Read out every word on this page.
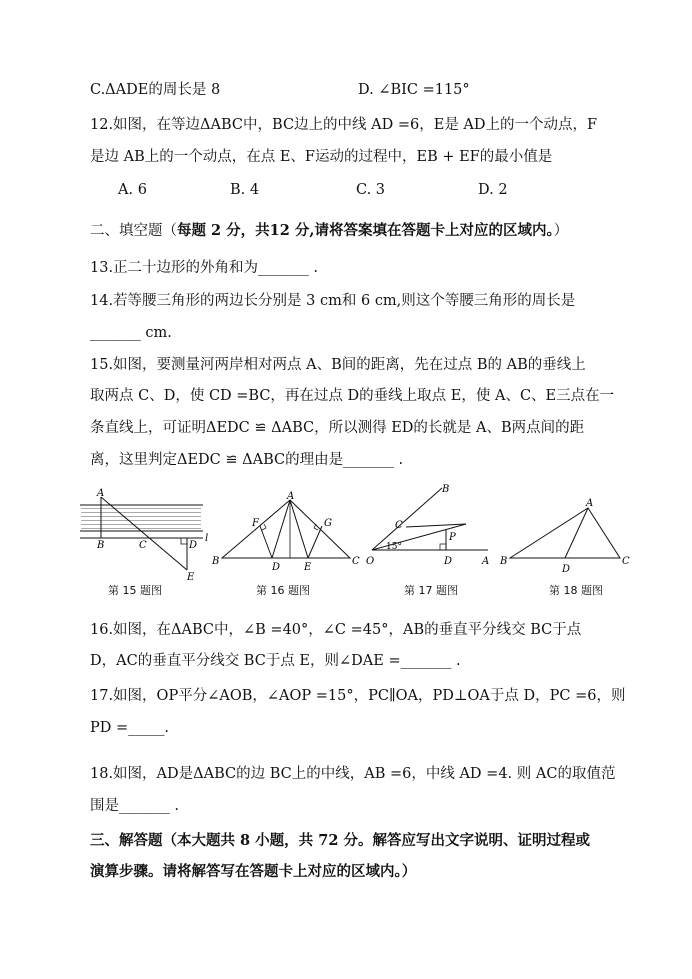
C.ΔADE的周长是 8	D. ∠BIC =115°
12.如图，在等边ΔABC中，BC边上的中线 AD =6，E是 AD上的一个动点，F
是边 AB上的一个动点，在点 E、F运动的过程中，EB + EF的最小值是
A. 6	B. 4	C. 3	D. 2
二、填空题（每题 2 分，共12 分,请将答案填在答题卡上对应的区域内。）
13.正二十边形的外角和为_______ .
14.若等腰三角形的两边长分别是 3 cm和 6 cm,则这个等腰三角形的周长是
_______ cm.
15.如图，要测量河两岸相对两点 A、B间的距离，先在过点 B的 AB的垂线上
取两点 C、D，使 CD =BC，再在过点 D的垂线上取点 E，使 A、C、E三点在一
条直线上，可证明ΔEDC ≌ ΔABC，所以测得 ED的长就是 A、B两点间的距
离，这里判定ΔEDC ≌ ΔABC的理由是_______ .
A
B	C	D
E
l
第 15 题图
A
B	C
D E
F	G
第 16 题图
B
C
P
O	D	A
15°
第 17 题图
A
B	C
D
第 18 题图
16.如图，在ΔABC中，∠B =40°，∠C =45°，AB的垂直平分线交 BC于点
D，AC的垂直平分线交 BC于点 E，则∠DAE =_______ .
17.如图，OP平分∠AOB，∠AOP =15°，PC∥OA，PD⊥OA于点 D，PC =6，则
PD =_____.
18.如图，AD是ΔABC的边 BC上的中线，AB =6，中线 AD =4. 则 AC的取值范
围是_______ .
三、解答题（本大题共 8 小题，共 72 分。解答应写出文字说明、证明过程或
演算步骤。请将解答写在答题卡上对应的区域内。）
